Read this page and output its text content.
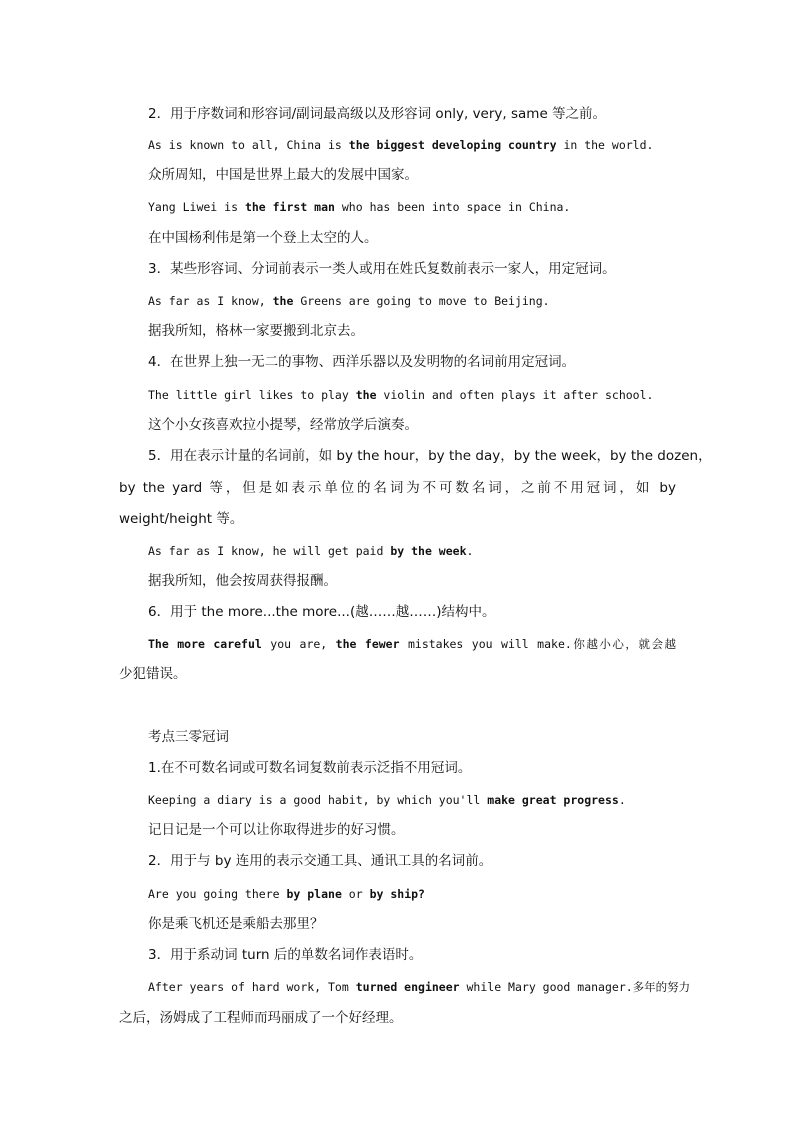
2．用于序数词和形容词/副词最高级以及形容词 only, very, same 等之前。
As is known to all, China is the biggest developing country in the world.
众所周知，中国是世界上最大的发展中国家。
Yang Liwei is the first man who has been into space in China.
在中国杨利伟是第一个登上太空的人。
3．某些形容词、分词前表示一类人或用在姓氏复数前表示一家人，用定冠词。
As far as I know, the Greens are going to move to Beijing.
据我所知，格林一家要搬到北京去。
4．在世界上独一无二的事物、西洋乐器以及发明物的名词前用定冠词。
The little girl likes to play the violin and often plays it after school.
这个小女孩喜欢拉小提琴，经常放学后演奏。
5．用在表示计量的名词前，如 by the hour，by the day，by the week，by the dozen，
by the yard 等，但是如表示单位的名词为不可数名词，之前不用冠词，如 by
weight/height 等。
As far as I know, he will get paid by the week.
据我所知，他会按周获得报酬。
6．用于 the more...the more...(越……越……)结构中。
The more careful you are, the fewer mistakes you will make.你越小心，就会越
少犯错误。
考点三零冠词
1.在不可数名词或可数名词复数前表示泛指不用冠词。
Keeping a diary is a good habit, by which you'll make great progress.
记日记是一个可以让你取得进步的好习惯。
2．用于与 by 连用的表示交通工具、通讯工具的名词前。
Are you going there by plane or by ship?
你是乘飞机还是乘船去那里？
3．用于系动词 turn 后的单数名词作表语时。
After years of hard work, Tom turned engineer while Mary good manager.多年的努力
之后，汤姆成了工程师而玛丽成了一个好经理。
